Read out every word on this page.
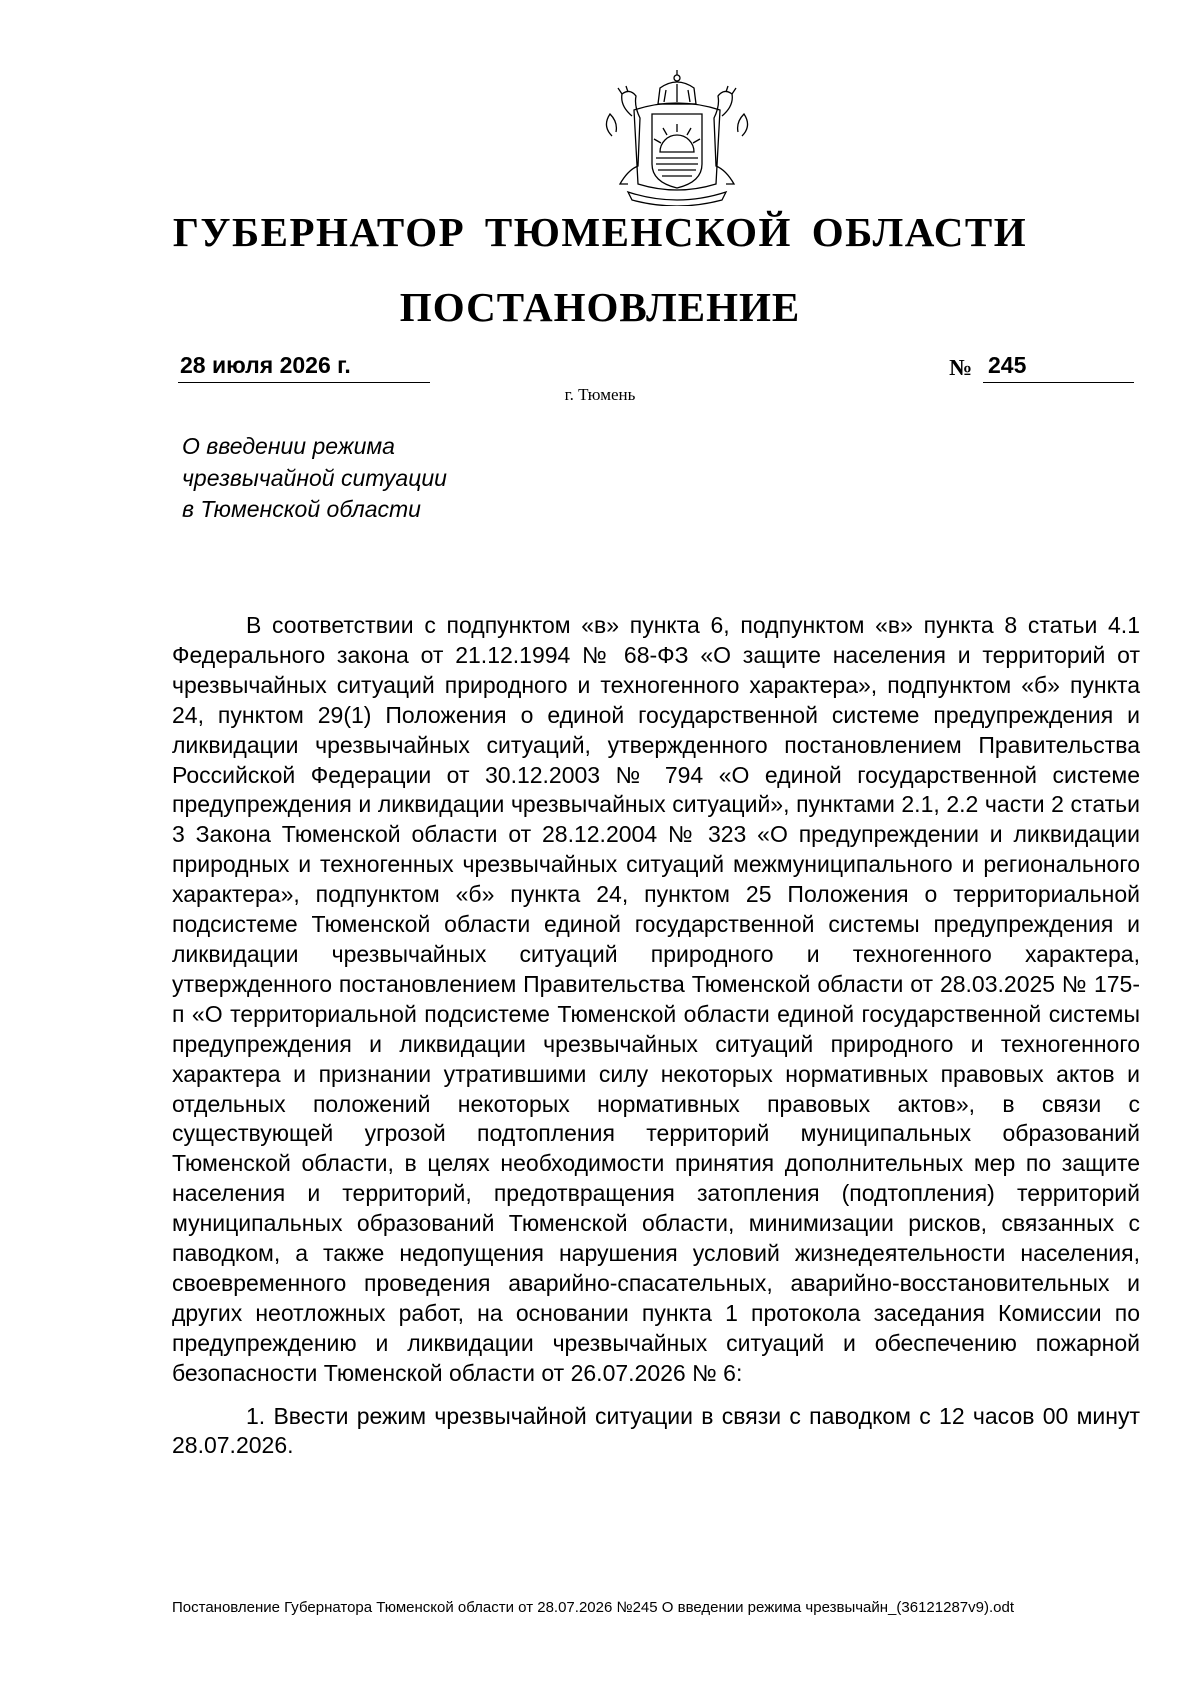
ГУБЕРНАТОР ТЮМЕНСКОЙ ОБЛАСТИ
ПОСТАНОВЛЕНИЕ
28 июля 2026 г.	№ 245
г. Тюмень
О введении режима
чрезвычайной ситуации
в Тюменской области

В соответствии с подпунктом «в» пункта 6, подпунктом «в» пункта 8 статьи 4.1 Федерального закона от 21.12.1994 № 68-ФЗ «О защите населения и территорий от чрезвычайных ситуаций природного и техногенного характера», подпунктом «б» пункта 24, пунктом 29(1) Положения о единой государственной системе предупреждения и ликвидации чрезвычайных ситуаций, утвержденного постановлением Правительства Российской Федерации от 30.12.2003 № 794 «О единой государственной системе предупреждения и ликвидации чрезвычайных ситуаций», пунктами 2.1, 2.2 части 2 статьи 3 Закона Тюменской области от 28.12.2004 № 323 «О предупреждении и ликвидации природных и техногенных чрезвычайных ситуаций межмуниципального и регионального характера», подпунктом «б» пункта 24, пунктом 25 Положения о территориальной подсистеме Тюменской области единой государственной системы предупреждения и ликвидации чрезвычайных ситуаций природного и техногенного характера, утвержденного постановлением Правительства Тюменской области от 28.03.2025 № 175-п «О территориальной подсистеме Тюменской области единой государственной системы предупреждения и ликвидации чрезвычайных ситуаций природного и техногенного характера и признании утратившими силу некоторых нормативных правовых актов и отдельных положений некоторых нормативных правовых актов», в связи с существующей угрозой подтопления территорий муниципальных образований Тюменской области, в целях необходимости принятия дополнительных мер по защите населения и территорий, предотвращения затопления (подтопления) территорий муниципальных образований Тюменской области, минимизации рисков, связанных с паводком, а также недопущения нарушения условий жизнедеятельности населения, своевременного проведения аварийно-спасательных, аварийно-восстановительных и других неотложных работ, на основании пункта 1 протокола заседания Комиссии по предупреждению и ликвидации чрезвычайных ситуаций и обеспечению пожарной безопасности Тюменской области от 26.07.2026 № 6:

1. Ввести режим чрезвычайной ситуации в связи с паводком с 12 часов 00 минут 28.07.2026.

Постановление Губернатора Тюменской области от 28.07.2026 №245 О введении режима чрезвычайн_(36121287v9).odt
